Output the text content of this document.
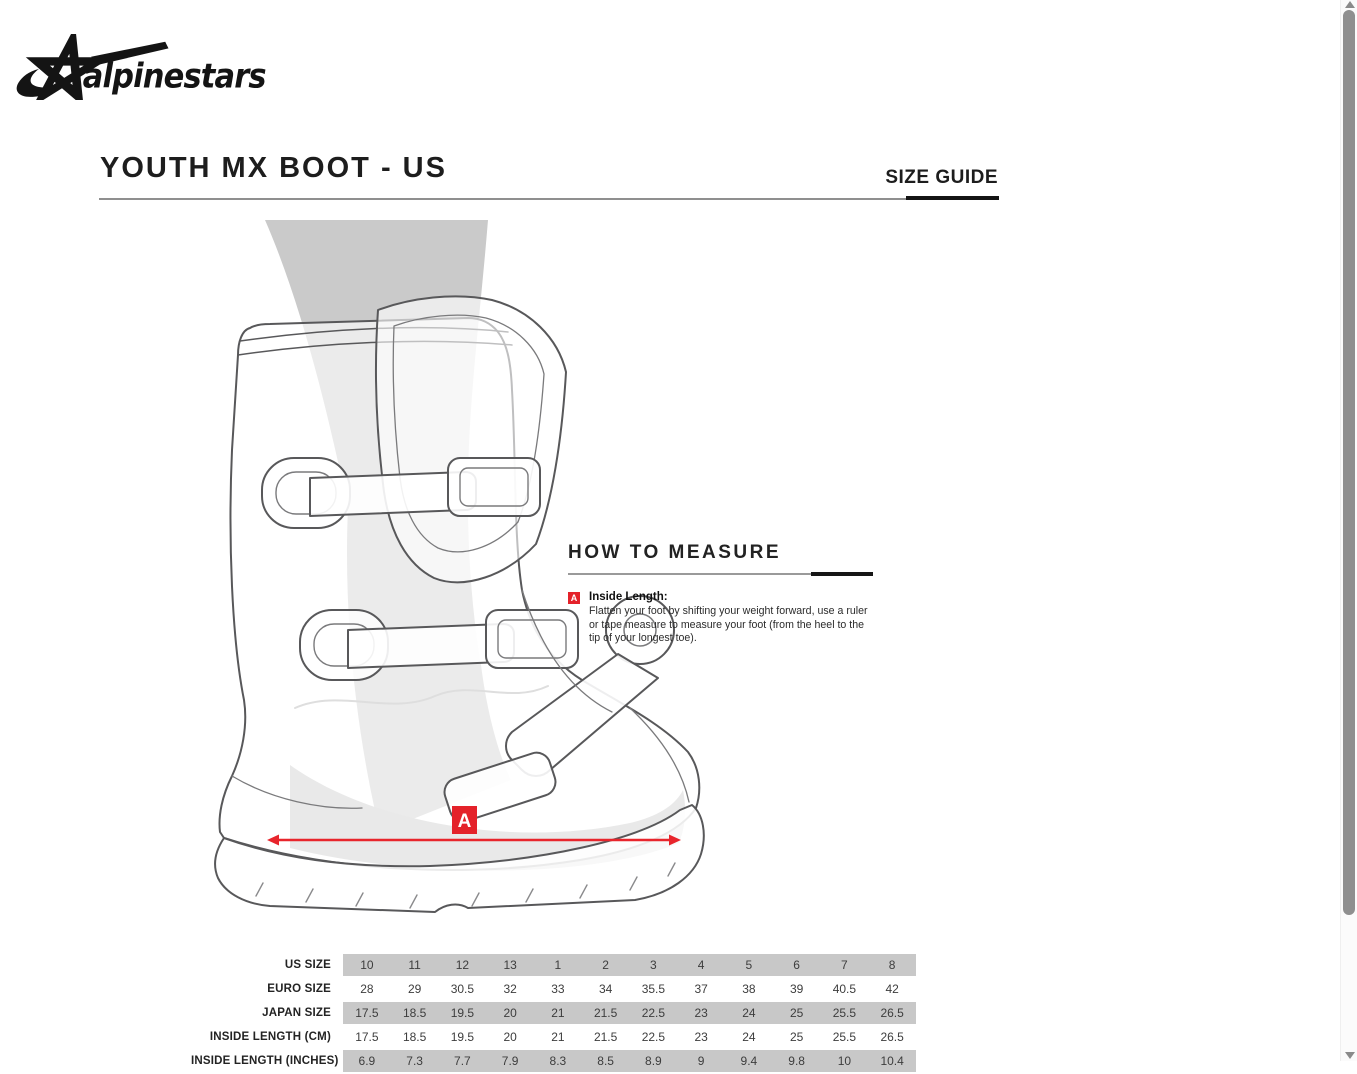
alpinestars
YOUTH MX BOOT - US	SIZE GUIDE
A
HOW TO MEASURE
A Inside Length:
Flatten your foot by shifting your weight forward, use a ruler or tape measure to measure your foot (from the heel to the tip of your longest toe).
US SIZE	10	11	12	13	1	2	3	4	5	6	7	8
EURO SIZE	28	29	30.5	32	33	34	35.5	37	38	39	40.5	42
JAPAN SIZE	17.5	18.5	19.5	20	21	21.5	22.5	23	24	25	25.5	26.5
INSIDE LENGTH (CM)	17.5	18.5	19.5	20	21	21.5	22.5	23	24	25	25.5	26.5
INSIDE LENGTH (INCHES)	6.9	7.3	7.7	7.9	8.3	8.5	8.9	9	9.4	9.8	10	10.4
